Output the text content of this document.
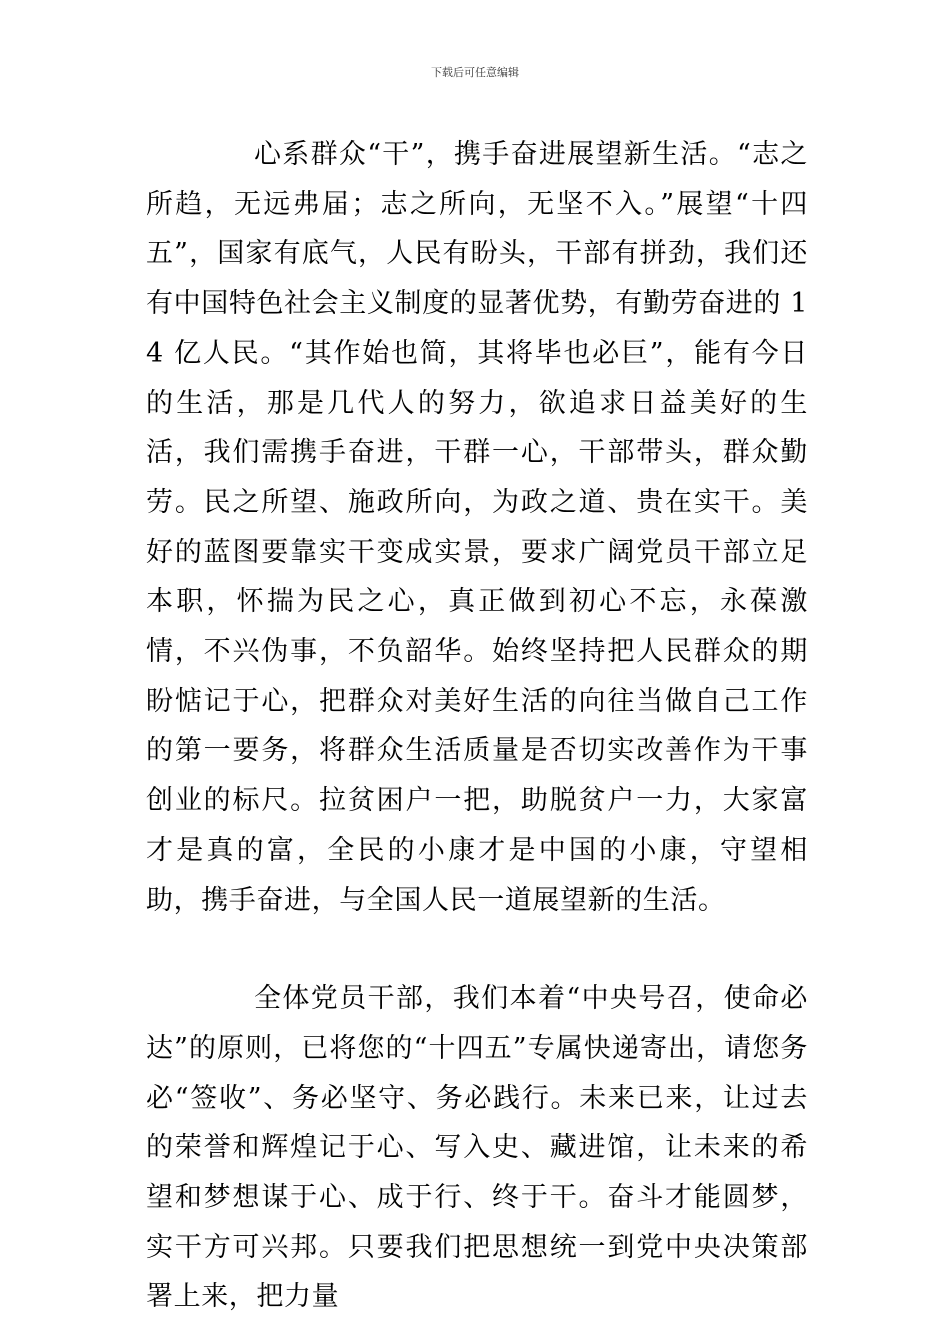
下载后可任意编辑

心系群众“干”，携手奋进展望新生活。“志之所趋，无远弗届；志之所向，无坚不入。”展望“十四五”，国家有底气，人民有盼头，干部有拼劲，我们还有中国特色社会主义制度的显著优势，有勤劳奋进的 14 亿人民。“其作始也简，其将毕也必巨”，能有今日的生活，那是几代人的努力，欲追求日益美好的生活，我们需携手奋进，干群一心，干部带头，群众勤劳。民之所望、施政所向，为政之道、贵在实干。美好的蓝图要靠实干变成实景，要求广阔党员干部立足本职，怀揣为民之心，真正做到初心不忘，永葆激情，不兴伪事，不负韶华。始终坚持把人民群众的期盼惦记于心，把群众对美好生活的向往当做自己工作的第一要务，将群众生活质量是否切实改善作为干事创业的标尺。拉贫困户一把，助脱贫户一力，大家富才是真的富，全民的小康才是中国的小康，守望相助，携手奋进，与全国人民一道展望新的生活。

全体党员干部，我们本着“中央号召，使命必达”的原则，已将您的“十四五”专属快递寄出，请您务必“签收”、务必坚守、务必践行。未来已来，让过去的荣誉和辉煌记于心、写入史、藏进馆，让未来的希望和梦想谋于心、成于行、终于干。奋斗才能圆梦，实干方可兴邦。只要我们把思想统一到党中央决策部署上来，把力量
